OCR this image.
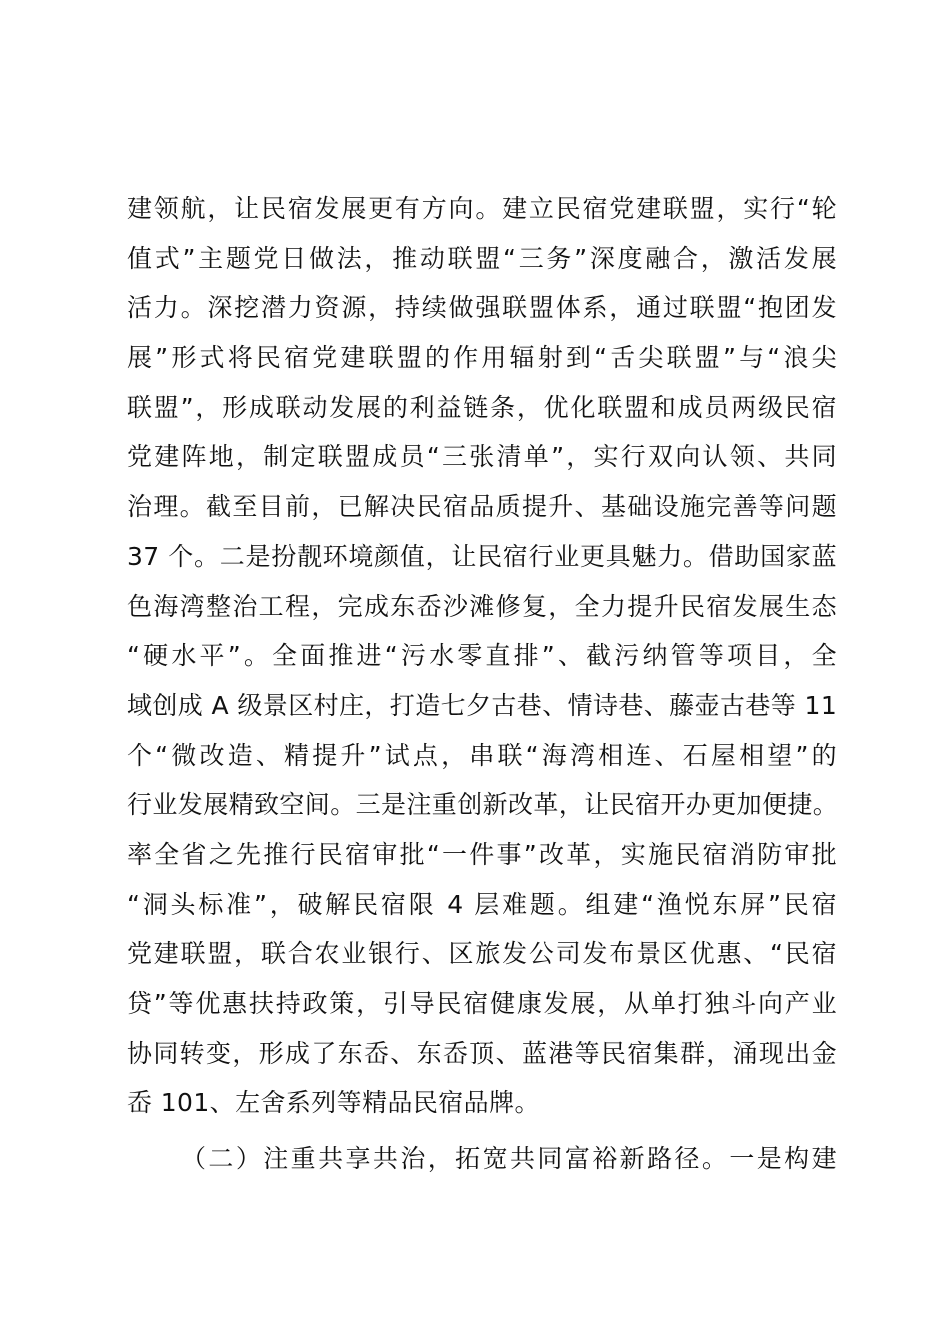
建领航，让民宿发展更有方向。建立民宿党建联盟，实行“轮
值式”主题党日做法，推动联盟“三务”深度融合，激活发展
活力。深挖潜力资源，持续做强联盟体系，通过联盟“抱团发
展”形式将民宿党建联盟的作用辐射到“舌尖联盟”与“浪尖
联盟”，形成联动发展的利益链条，优化联盟和成员两级民宿
党建阵地，制定联盟成员“三张清单”，实行双向认领、共同
治理。截至目前，已解决民宿品质提升、基础设施完善等问题
37 个。二是扮靓环境颜值，让民宿行业更具魅力。借助国家蓝
色海湾整治工程，完成东岙沙滩修复，全力提升民宿发展生态
“硬水平”。全面推进“污水零直排”、截污纳管等项目，全
域创成 A 级景区村庄，打造七夕古巷、情诗巷、藤壶古巷等 11
个“微改造、精提升”试点，串联“海湾相连、石屋相望”的
行业发展精致空间。三是注重创新改革，让民宿开办更加便捷。
率全省之先推行民宿审批“一件事”改革，实施民宿消防审批
“洞头标准”，破解民宿限 4 层难题。组建“渔悦东屏”民宿
党建联盟，联合农业银行、区旅发公司发布景区优惠、“民宿
贷”等优惠扶持政策，引导民宿健康发展，从单打独斗向产业
协同转变，形成了东岙、东岙顶、蓝港等民宿集群，涌现出金
岙 101、左舍系列等精品民宿品牌。
（二）注重共享共治，拓宽共同富裕新路径。一是构建
